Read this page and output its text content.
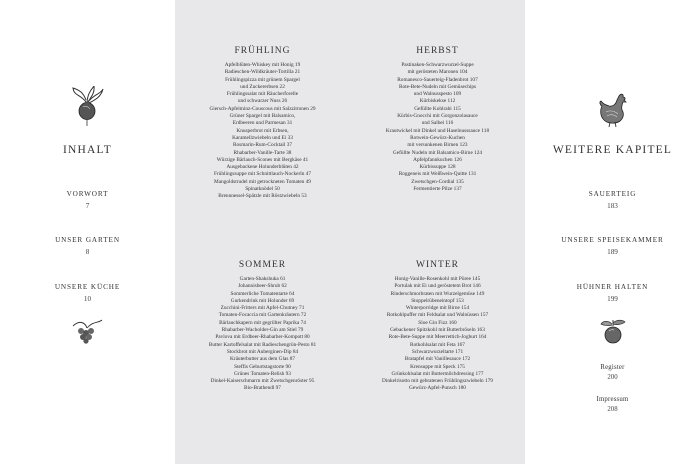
INHALT
VORWORT
7
UNSER GARTEN
8
UNSERE KÜCHE
10
FRÜHLING
Apfelblüten-Whiskey mit Honig 19
Radieschen-Wildkräuter-Tortilla 21
Frühlingspizza mit grünem Spargel
und Zuckererbsen 22
Frühlingssalat mit Räucherforelle
und schwarzer Nuss 26
Giersch-Apfelminz-Couscous mit Salzzitronen 29
Grüner Spargel mit Balsamico,
Erdbeeren und Parmesan 31
Knusperbrot mit Erbsen,
Karamellzwiebeln und Ei 33
Rosmarin-Rum-Cocktail 37
Rhabarber-Vanille-Tarte 38
Würzige Bärlauch-Scones mit Bergkäse 41
Ausgebackene Holunderblüten 42
Frühlingssuppe mit Schnittlauch-Nockerln 47
Mangoldstrudel mit getrockneten Tomaten 49
Spinatknödel 50
Brennnessel-Spätzle mit Röstzwiebeln 53
HERBST
Pastinaken-Schwarzwurzel-Suppe
mit gerösteten Maronen 104
Romanesco-Sauerteig-Fladenbrot 107
Rote-Bete-Nudeln mit Gemüsechips
und Walnusspesto 109
Kürbiskekse 112
Gefüllte Kohlrabi 115
Kürbis-Gnocchi mit Gorgonzolasauce
und Salbei 116
Krautwickel mit Dinkel und Haselnusssauce 118
Rotwein-Gewürz-Kuchen
mit versunkenen Birnen 123
Gefüllte Nudeln mit Balsamico-Birne 124
Apfelpfannkuchen 126
Kürbissuppe 128
Roggeneis mit Weißwein-Quitte 131
Zwetschgen-Cordial 135
Fermentierte Pilze 137
SOMMER
Garten-Shakshuka 61
Johannisbeer-Shrub 62
Sommerliche Tomatentarte 64
Gurkendrink mit Holunder 69
Zucchini-Fritters mit Apfel-Chutney 71
Tomaten-Focaccia mit Gartenkräutern 72
Bärlauchkapern mit gegrillter Paprika 74
Rhabarber-Wacholder-Gin am Stiel 79
Pavlova mit Erdbeer-Rhabarber-Kompott 80
Butter Kartoffelsalat mit Radieschengrün-Pesto 81
Stockbrot mit Auberginen-Dip 84
Kräuterbutter aus dem Glas 87
Steffis Geburtstagstorte 90
Grünes Tomaten-Relish 93
Dinkel-Kaiserschmarrn mit Zwetschgenröster 95
Bio-Brathendl 97
WINTER
Honig-Vanille-Rosenkohl mit Püree 145
Portulak mit Ei und geröstetem Brot 146
Rinderschmorbraten mit Wurzelgemüse 149
Stoppelrübeneintopf 153
Winterporridge mit Birne 154
Rotkohlpuffer mit Feldsalat und Walnüssen 157
Sloe Gin Fizz 160
Gebackener Spitzkohl mit Butterbröseln 163
Rote-Bete-Suppe mit Meerrettich-Joghurt 164
Rotkohlsalat mit Feta 167
Schwarzwurzeltarte 171
Bratapfel mit Vanillesauce 172
Krensuppe mit Speck 175
Grünkohlsalat mit Buttermilchdressing 177
Dinkelrisotto mit gebratenen Frühlingszwiebeln 179
Gewürz-Apfel-Punsch 180
WEITERE KAPITEL
SAUERTEIG
183
UNSERE SPEISEKAMMER
189
HÜHNER HALTEN
199
Register
200
Impressum
208
